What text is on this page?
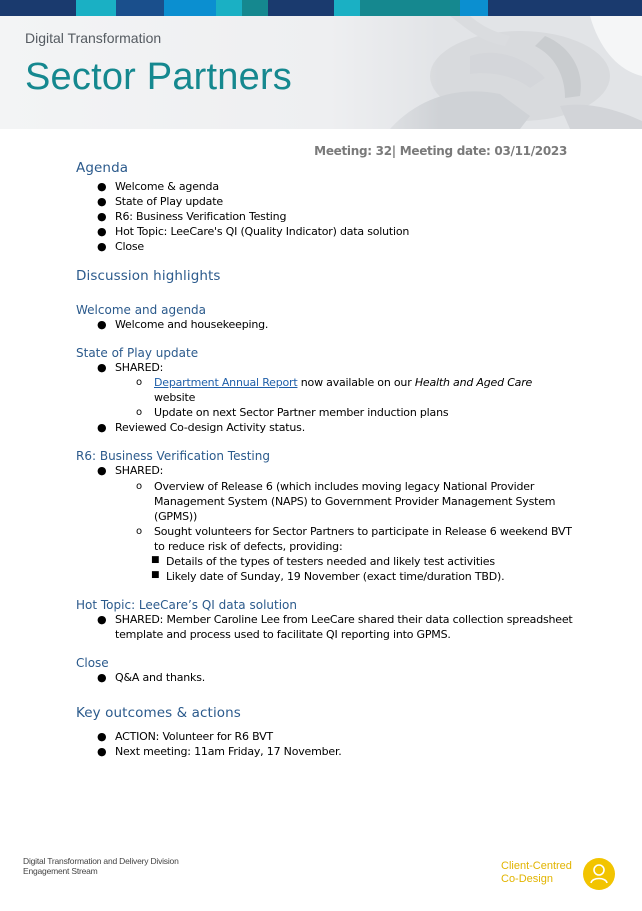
Digital Transformation
Sector Partners
Meeting: 32| Meeting date: 03/11/2023
Agenda
● Welcome & agenda
● State of Play update
● R6: Business Verification Testing
● Hot Topic: LeeCare's QI (Quality Indicator) data solution
● Close
Discussion highlights
Welcome and agenda
● Welcome and housekeeping.
State of Play update
● SHARED:
o Department Annual Report now available on our Health and Aged Care website
o Update on next Sector Partner member induction plans
● Reviewed Co-design Activity status.
R6: Business Verification Testing
● SHARED:
o Overview of Release 6 (which includes moving legacy National Provider Management System (NAPS) to Government Provider Management System (GPMS))
o Sought volunteers for Sector Partners to participate in Release 6 weekend BVT to reduce risk of defects, providing:
■ Details of the types of testers needed and likely test activities
■ Likely date of Sunday, 19 November (exact time/duration TBD).
Hot Topic: LeeCare’s QI data solution
● SHARED: Member Caroline Lee from LeeCare shared their data collection spreadsheet template and process used to facilitate QI reporting into GPMS.
Close
● Q&A and thanks.
Key outcomes & actions
● ACTION: Volunteer for R6 BVT
● Next meeting: 11am Friday, 17 November.
Digital Transformation and Delivery Division
Engagement Stream	Client-Centred
Co-Design
